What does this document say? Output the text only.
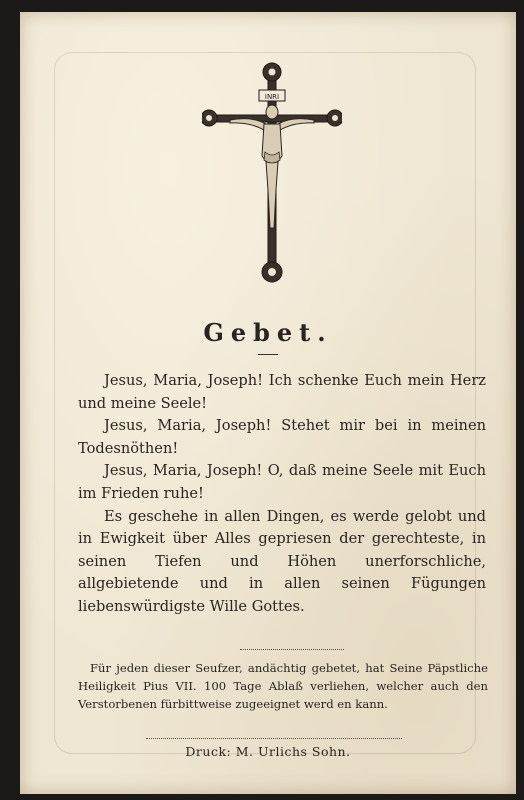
INRI
Gebet.

Jesus, Maria, Joseph! Ich schenke Euch mein Herz und meine Seele!

Jesus, Maria, Joseph! Stehet mir bei in meinen Todesnöthen!

Jesus, Maria, Joseph! O, daß meine Seele mit Euch im Frieden ruhe!

Es geschehe in allen Dingen, es werde gelobt und in Ewigkeit über Alles gepriesen der gerechteste, in seinen Tiefen und Höhen unerforschliche, allgebietende und in allen seinen Fügungen liebenswürdigste Wille Gottes.

Für jeden dieser Seufzer, andächtig gebetet, hat Seine Päpstliche Heiligkeit Pius VII. 100 Tage Ablaß verliehen, welcher auch den Verstorbenen fürbittweise zugeeignet werd en kann.

Druck: M. Urlichs Sohn.
